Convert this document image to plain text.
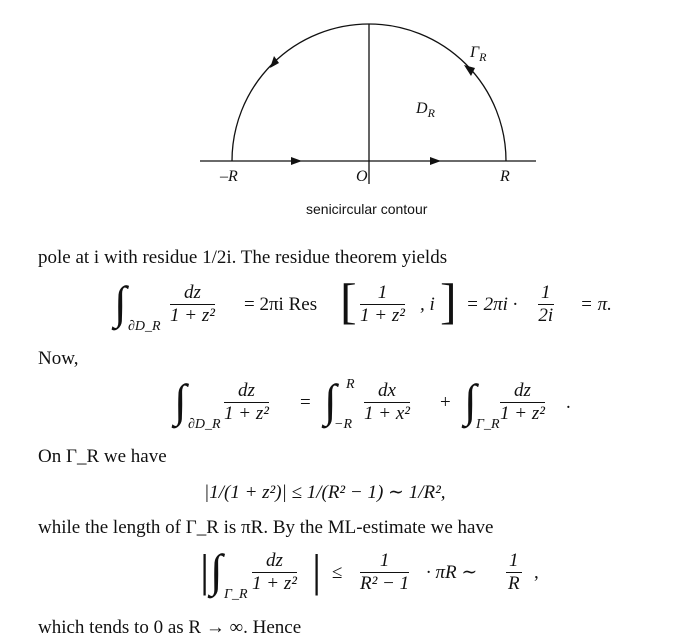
$\Gamma_R$
$D_R$
–R	O	R
senicircular contour
pole at i with residue 1/2i. The residue theorem yields
∫ ∂D_R $\frac{dz}{\text{1 + z²}} = 2\pi i$ Res [ $\frac{1}{\text{1 + z²}}$ , i ] = $2\pi i \cdot \frac{1}{2i} = \pi$.
Now,
∫ ∂D_R $\frac{dz}{\text{1 + z²}}$ = ∫ R
$-R \frac{dx}{\text{1 + x²}}$ + ∫ Γ_R $\frac{dz}{\text{1 + z²}}$ .
On Γ_R we have
|1/(1 + z²)| ≤ 1/(R² − 1) ∼ 1/R²,
while the length of Γ_R is πR. By the ML-estimate we have
| ∫ Γ_R $\frac{dz}{\text{1 + z²}}$ | ≤ $\frac{1}{\text{R² − 1}} \cdot \pi R$ ∼ $\frac{1}{R}$ ,
which tends to 0 as R → ∞. Hence
